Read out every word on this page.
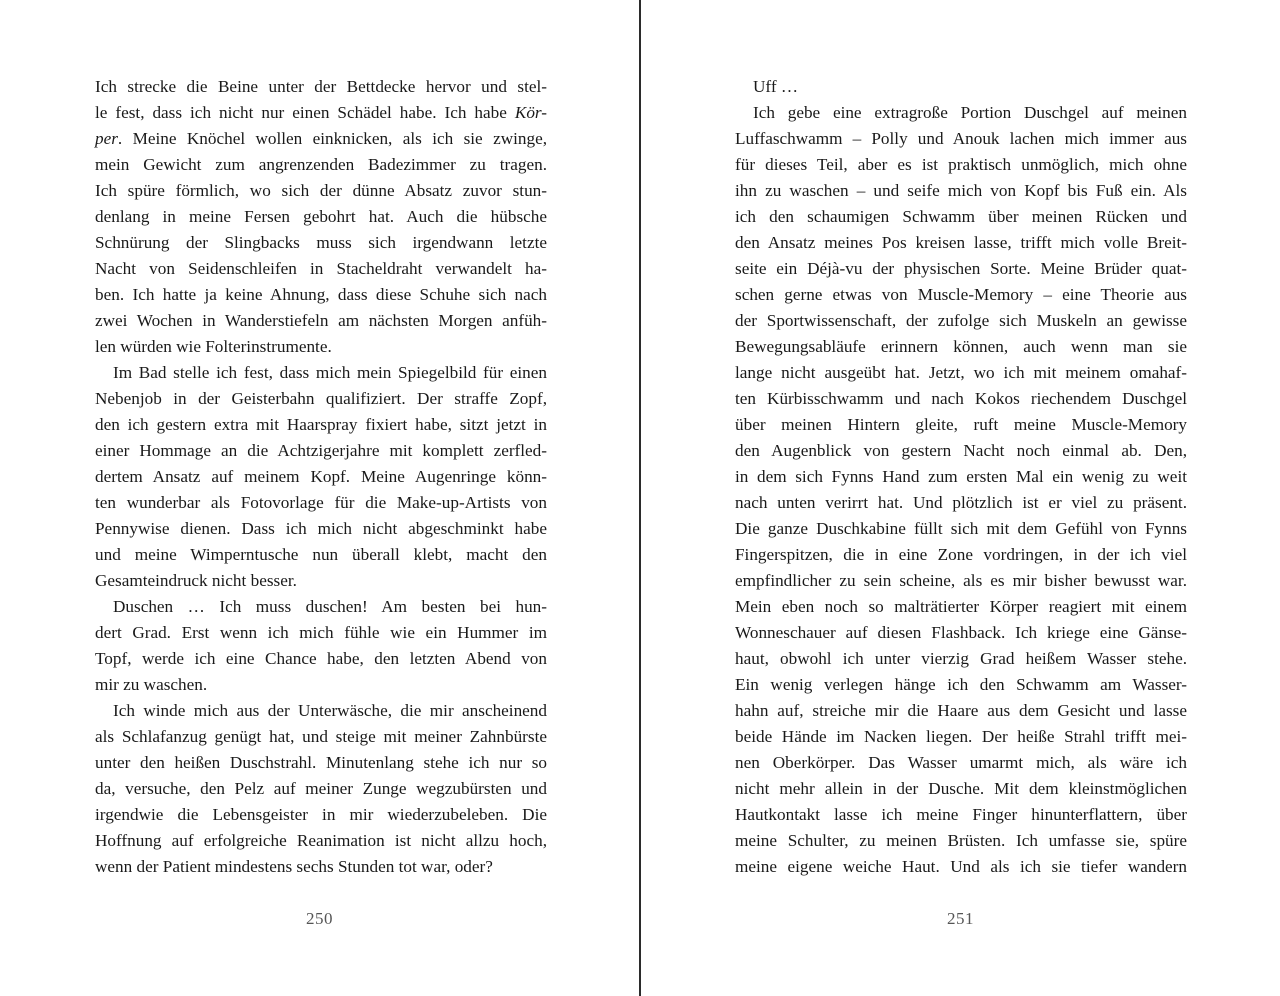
Ich strecke die Beine unter der Bettdecke hervor und stel-
le fest, dass ich nicht nur einen Schädel habe. Ich habe Kör-
per. Meine Knöchel wollen einknicken, als ich sie zwinge,
mein Gewicht zum angrenzenden Badezimmer zu tragen.
Ich spüre förmlich, wo sich der dünne Absatz zuvor stun-
denlang in meine Fersen gebohrt hat. Auch die hübsche
Schnürung der Slingbacks muss sich irgendwann letzte
Nacht von Seidenschleifen in Stacheldraht verwandelt ha-
ben. Ich hatte ja keine Ahnung, dass diese Schuhe sich nach
zwei Wochen in Wanderstiefeln am nächsten Morgen anfüh-
len würden wie Folterinstrumente.
Im Bad stelle ich fest, dass mich mein Spiegelbild für einen
Nebenjob in der Geisterbahn qualifiziert. Der straffe Zopf,
den ich gestern extra mit Haarspray fixiert habe, sitzt jetzt in
einer Hommage an die Achtzigerjahre mit komplett zerfled-
dertem Ansatz auf meinem Kopf. Meine Augenringe könn-
ten wunderbar als Fotovorlage für die Make-up-Artists von
Pennywise dienen. Dass ich mich nicht abgeschminkt habe
und meine Wimperntusche nun überall klebt, macht den
Gesamteindruck nicht besser.
Duschen … Ich muss duschen! Am besten bei hun-
dert Grad. Erst wenn ich mich fühle wie ein Hummer im
Topf, werde ich eine Chance habe, den letzten Abend von
mir zu waschen.
Ich winde mich aus der Unterwäsche, die mir anscheinend
als Schlafanzug genügt hat, und steige mit meiner Zahnbürste
unter den heißen Duschstrahl. Minutenlang stehe ich nur so
da, versuche, den Pelz auf meiner Zunge wegzubürsten und
irgendwie die Lebensgeister in mir wiederzubeleben. Die
Hoffnung auf erfolgreiche Reanimation ist nicht allzu hoch,
wenn der Patient mindestens sechs Stunden tot war, oder?
250
Uff …
Ich gebe eine extragroße Portion Duschgel auf meinen
Luffaschwamm – Polly und Anouk lachen mich immer aus
für dieses Teil, aber es ist praktisch unmöglich, mich ohne
ihn zu waschen – und seife mich von Kopf bis Fuß ein. Als
ich den schaumigen Schwamm über meinen Rücken und
den Ansatz meines Pos kreisen lasse, trifft mich volle Breit-
seite ein Déjà-vu der physischen Sorte. Meine Brüder quat-
schen gerne etwas von Muscle-Memory – eine Theorie aus
der Sportwissenschaft, der zufolge sich Muskeln an gewisse
Bewegungsabläufe erinnern können, auch wenn man sie
lange nicht ausgeübt hat. Jetzt, wo ich mit meinem omahaf-
ten Kürbisschwamm und nach Kokos riechendem Duschgel
über meinen Hintern gleite, ruft meine Muscle-Memory
den Augenblick von gestern Nacht noch einmal ab. Den,
in dem sich Fynns Hand zum ersten Mal ein wenig zu weit
nach unten verirrt hat. Und plötzlich ist er viel zu präsent.
Die ganze Duschkabine füllt sich mit dem Gefühl von Fynns
Fingerspitzen, die in eine Zone vordringen, in der ich viel
empfindlicher zu sein scheine, als es mir bisher bewusst war.
Mein eben noch so malträtierter Körper reagiert mit einem
Wonneschauer auf diesen Flashback. Ich kriege eine Gänse-
haut, obwohl ich unter vierzig Grad heißem Wasser stehe.
Ein wenig verlegen hänge ich den Schwamm am Wasser-
hahn auf, streiche mir die Haare aus dem Gesicht und lasse
beide Hände im Nacken liegen. Der heiße Strahl trifft mei-
nen Oberkörper. Das Wasser umarmt mich, als wäre ich
nicht mehr allein in der Dusche. Mit dem kleinstmöglichen
Hautkontakt lasse ich meine Finger hinunterflattern, über
meine Schulter, zu meinen Brüsten. Ich umfasse sie, spüre
meine eigene weiche Haut. Und als ich sie tiefer wandern
251
